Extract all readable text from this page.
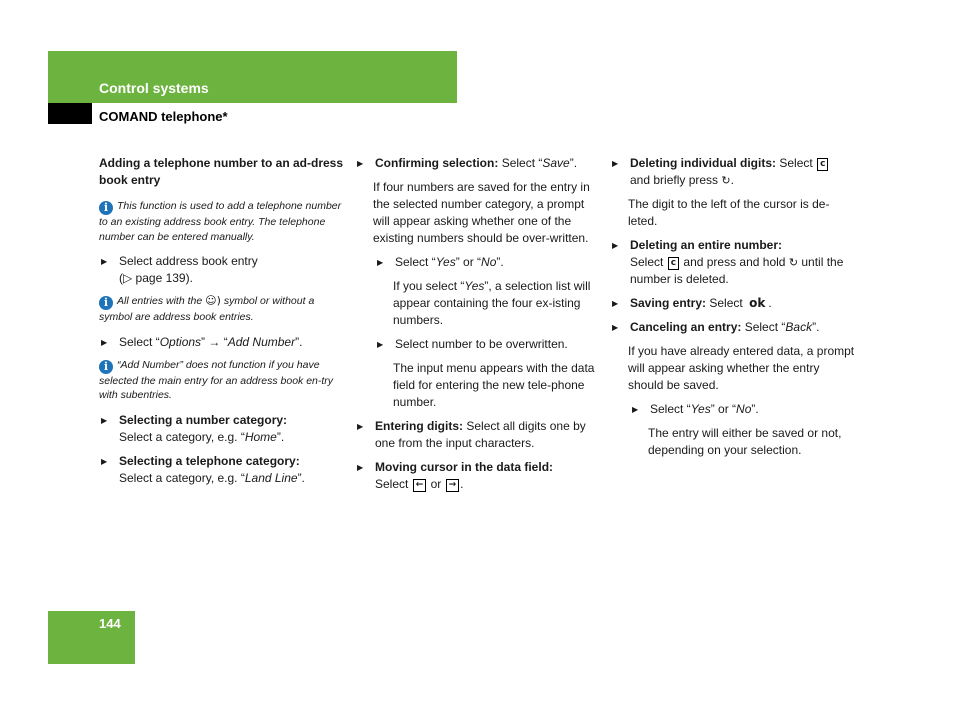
Control systems
COMAND telephone*

Adding a telephone number to an ad-dress book entry

i This function is used to add a telephone number to an existing address book entry. The telephone number can be entered manually.

▶ Select address book entry
(▷ page 139).

i All entries with the ☺) symbol or without a symbol are address book entries.

▶ Select “Options” → “Add Number”.

i “Add Number” does not function if you have selected the main entry for an address book en-try with subentries.

▶ Selecting a number category:
Select a category, e.g. “Home”.

▶ Selecting a telephone category:
Select a category, e.g. “Land Line”.

▶ Confirming selection: Select “Save”.

If four numbers are saved for the entry in the selected number category, a prompt will appear asking whether one of the existing numbers should be over-written.

▶ Select “Yes” or “No”.

If you select “Yes”, a selection list will appear containing the four ex-isting numbers.

▶ Select number to be overwritten.

The input menu appears with the data field for entering the new tele-phone number.

▶ Entering digits: Select all digits one by one from the input characters.

▶ Moving cursor in the data field:
Select ← or → .

▶ Deleting individual digits: Select c
and briefly press ↻.

The digit to the left of the cursor is de-leted.

▶ Deleting an entire number:
Select c and press and hold ↻ until the number is deleted.

▶ Saving entry: Select ok .

▶ Canceling an entry: Select “Back”.

If you have already entered data, a prompt will appear asking whether the entry should be saved.

▶ Select “Yes” or “No”.

The entry will either be saved or not, depending on your selection.

144
